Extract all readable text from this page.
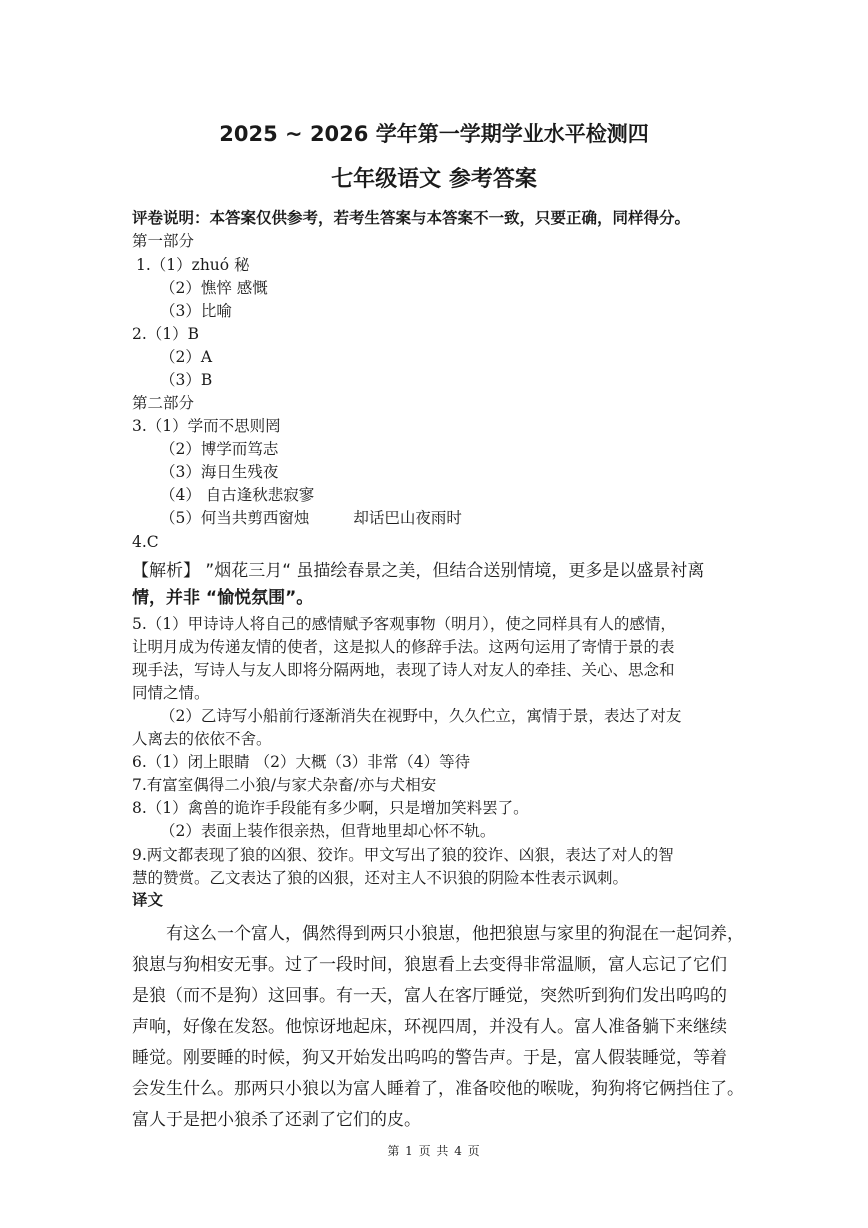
2025 ~ 2026 学年第一学期学业水平检测四
七年级语文 参考答案
评卷说明：本答案仅供参考，若考生答案与本答案不一致，只要正确，同样得分。
第一部分
1.（1）zhuó 秘
（2）憔悴 感慨
（3）比喻
2.（1）B
（2）A
（3）B
第二部分
3.（1）学而不思则罔
（2）博学而笃志
（3）海日生残夜
（4） 自古逢秋悲寂寥
（5）何当共剪西窗烛	却话巴山夜雨时
4.C
【解析】 ”烟花三月“ 虽描绘春景之美，但结合送别情境，更多是以盛景衬离
情，并非 “愉悦氛围”。
5.（1）甲诗诗人将自己的感情赋予客观事物（明月），使之同样具有人的感情，
让明月成为传递友情的使者，这是拟人的修辞手法。这两句运用了寄情于景的表
现手法，写诗人与友人即将分隔两地，表现了诗人对友人的牵挂、关心、思念和
同情之情。
（2）乙诗写小船前行逐渐消失在视野中，久久伫立，寓情于景，表达了对友
人离去的依依不舍。
6.（1）闭上眼睛 （2）大概（3）非常（4）等待
7.有富室偶得二小狼/与家犬杂畜/亦与犬相安
8.（1）禽兽的诡诈手段能有多少啊，只是增加笑料罢了。
（2）表面上装作很亲热，但背地里却心怀不轨。
9.两文都表现了狼的凶狠、狡诈。甲文写出了狼的狡诈、凶狠，表达了对人的智
慧的赞赏。乙文表达了狼的凶狠，还对主人不识狼的阴险本性表示讽刺。
译文
有这么一个富人，偶然得到两只小狼崽，他把狼崽与家里的狗混在一起饲养，
狼崽与狗相安无事。过了一段时间，狼崽看上去变得非常温顺，富人忘记了它们
是狼（而不是狗）这回事。有一天，富人在客厅睡觉，突然听到狗们发出呜呜的
声响，好像在发怒。他惊讶地起床，环视四周，并没有人。富人准备躺下来继续
睡觉。刚要睡的时候，狗又开始发出呜呜的警告声。于是，富人假装睡觉，等着
会发生什么。那两只小狼以为富人睡着了，准备咬他的喉咙，狗狗将它俩挡住了。
富人于是把小狼杀了还剥了它们的皮。
第 1 页 共 4 页
